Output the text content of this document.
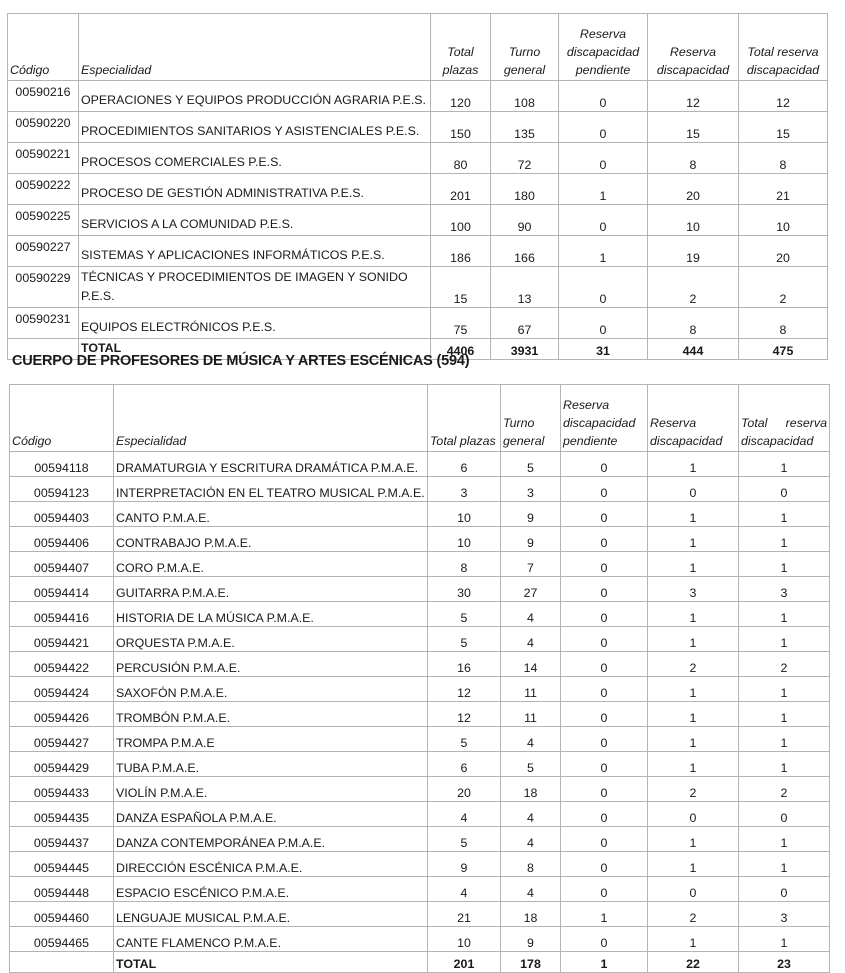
Código	Especialidad	Total plazas	Turno general	Reserva discapacidad pendiente	Reserva discapacidad	Total reserva discapacidad
00590216	OPERACIONES Y EQUIPOS PRODUCCIÓN AGRARIA P.E.S.	120	108	0	12	12
00590220	PROCEDIMIENTOS SANITARIOS Y ASISTENCIALES P.E.S.	150	135	0	15	15
00590221	PROCESOS COMERCIALES P.E.S.	80	72	0	8	8
00590222	PROCESO DE GESTIÓN ADMINISTRATIVA P.E.S.	201	180	1	20	21
00590225	SERVICIOS A LA COMUNIDAD P.E.S.	100	90	0	10	10
00590227	SISTEMAS Y APLICACIONES INFORMÁTICOS P.E.S.	186	166	1	19	20
00590229	TÉCNICAS Y PROCEDIMIENTOS DE IMAGEN Y SONIDO P.E.S.	15	13	0	2	2
00590231	EQUIPOS ELECTRÓNICOS P.E.S.	75	67	0	8	8
	TOTAL	4406	3931	31	444	475
CUERPO DE PROFESORES DE MÚSICA Y ARTES ESCÉNICAS (594)
Código	Especialidad	Total plazas	Turno general	Reserva discapacidad pendiente	Reserva discapacidad	Total reserva discapacidad
00594118	DRAMATURGIA Y ESCRITURA DRAMÁTICA P.M.A.E.	6	5	0	1	1
00594123	INTERPRETACIÓN EN EL TEATRO MUSICAL P.M.A.E.	3	3	0	0	0
00594403	CANTO P.M.A.E.	10	9	0	1	1
00594406	CONTRABAJO P.M.A.E.	10	9	0	1	1
00594407	CORO P.M.A.E.	8	7	0	1	1
00594414	GUITARRA P.M.A.E.	30	27	0	3	3
00594416	HISTORIA DE LA MÚSICA P.M.A.E.	5	4	0	1	1
00594421	ORQUESTA P.M.A.E.	5	4	0	1	1
00594422	PERCUSIÓN P.M.A.E.	16	14	0	2	2
00594424	SAXOFÓN P.M.A.E.	12	11	0	1	1
00594426	TROMBÓN P.M.A.E.	12	11	0	1	1
00594427	TROMPA P.M.A.E	5	4	0	1	1
00594429	TUBA P.M.A.E.	6	5	0	1	1
00594433	VIOLÍN P.M.A.E.	20	18	0	2	2
00594435	DANZA ESPAÑOLA P.M.A.E.	4	4	0	0	0
00594437	DANZA CONTEMPORÁNEA P.M.A.E.	5	4	0	1	1
00594445	DIRECCIÓN ESCÉNICA P.M.A.E.	9	8	0	1	1
00594448	ESPACIO ESCÉNICO P.M.A.E.	4	4	0	0	0
00594460	LENGUAJE MUSICAL P.M.A.E.	21	18	1	2	3
00594465	CANTE FLAMENCO P.M.A.E.	10	9	0	1	1
	TOTAL	201	178	1	22	23
